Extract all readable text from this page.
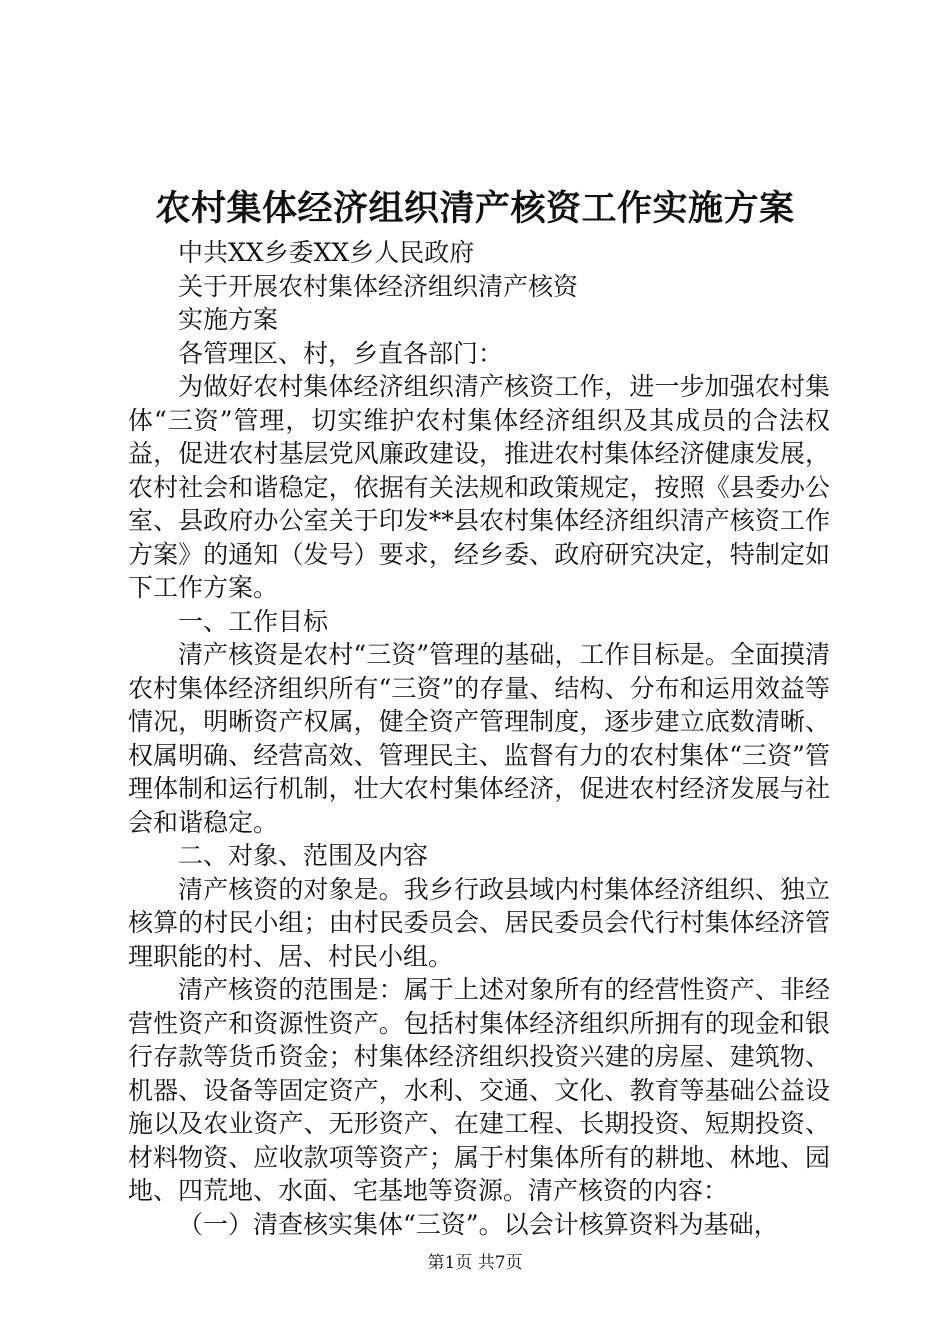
农村集体经济组织清产核资工作实施方案

中共XX乡委XX乡人民政府

关于开展农村集体经济组织清产核资

实施方案

各管理区、村，乡直各部门：

为做好农村集体经济组织清产核资工作，进一步加强农村集体“三资”管理，切实维护农村集体经济组织及其成员的合法权益，促进农村基层党风廉政建设，推进农村集体经济健康发展，农村社会和谐稳定，依据有关法规和政策规定，按照《县委办公室、县政府办公室关于印发**县农村集体经济组织清产核资工作方案》的通知（发号）要求，经乡委、政府研究决定，特制定如下工作方案。

一、工作目标

清产核资是农村“三资”管理的基础，工作目标是。全面摸清农村集体经济组织所有“三资”的存量、结构、分布和运用效益等情况，明晰资产权属，健全资产管理制度，逐步建立底数清晰、权属明确、经营高效、管理民主、监督有力的农村集体“三资”管理体制和运行机制，壮大农村集体经济，促进农村经济发展与社会和谐稳定。

二、对象、范围及内容

清产核资的对象是。我乡行政县域内村集体经济组织、独立核算的村民小组；由村民委员会、居民委员会代行村集体经济管理职能的村、居、村民小组。

清产核资的范围是：属于上述对象所有的经营性资产、非经营性资产和资源性资产。包括村集体经济组织所拥有的现金和银行存款等货币资金；村集体经济组织投资兴建的房屋、建筑物、机器、设备等固定资产，水利、交通、文化、教育等基础公益设施以及农业资产、无形资产、在建工程、长期投资、短期投资、材料物资、应收款项等资产；属于村集体所有的耕地、林地、园地、四荒地、水面、宅基地等资源。清产核资的内容：

（一）清查核实集体“三资”。以会计核算资料为基础，

第1页 共7页
